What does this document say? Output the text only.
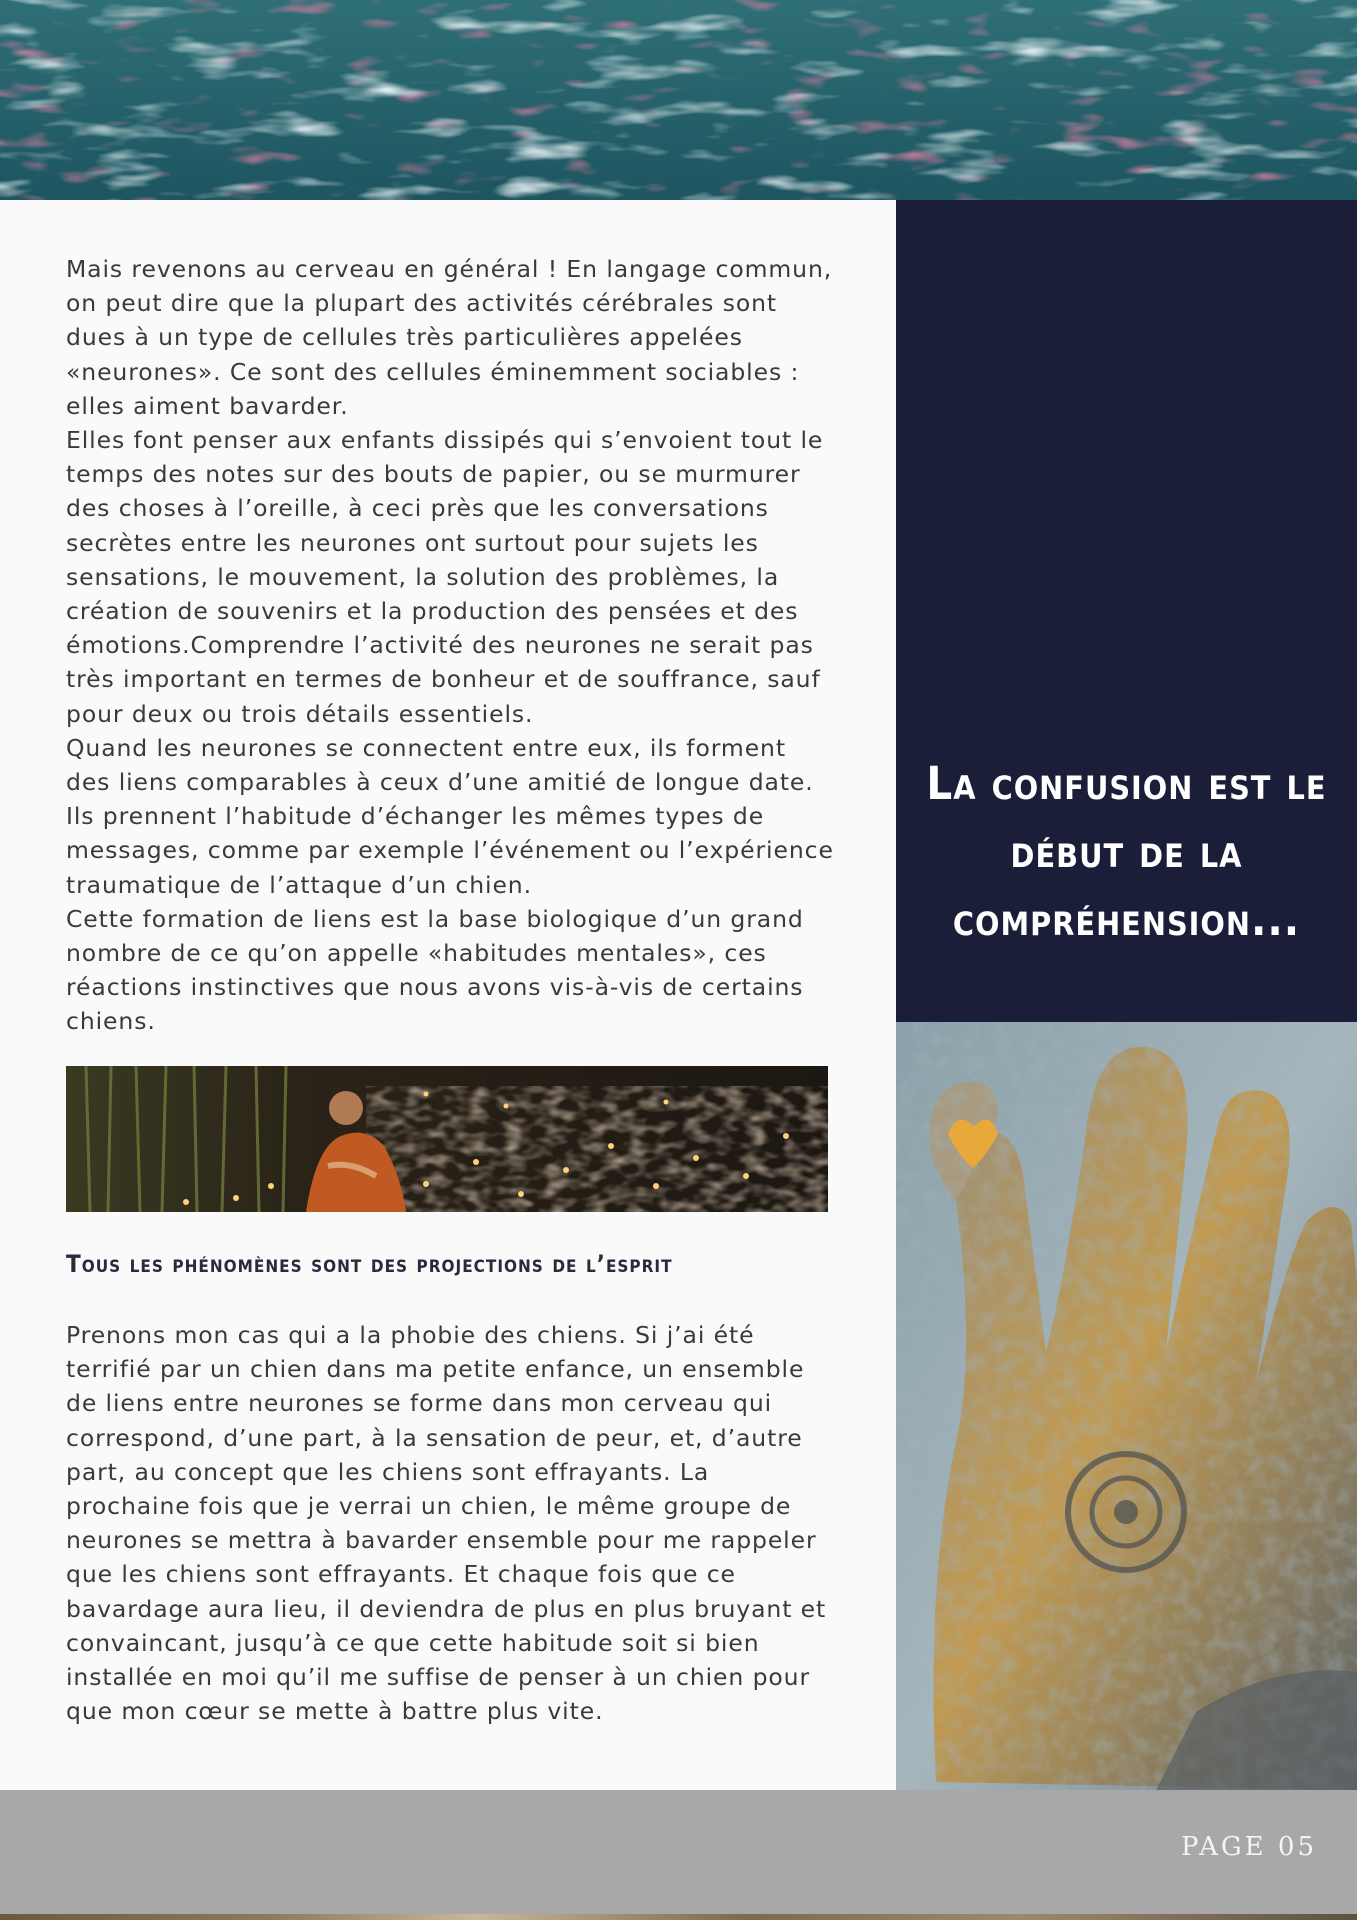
Mais revenons au cerveau en général ! En langage commun, on peut dire que la plupart des activités cérébrales sont dues à un type de cellules très particulières appelées «neurones». Ce sont des cellules éminemment sociables : elles aiment bavarder.
Elles font penser aux enfants dissipés qui s’envoient tout le temps des notes sur des bouts de papier, ou se murmurer des choses à l’oreille, à ceci près que les conversations secrètes entre les neurones ont surtout pour sujets les sensations, le mouvement, la solution des problèmes, la création de souvenirs et la production des pensées et des émotions.Comprendre l’activité des neurones ne serait pas très important en termes de bonheur et de souffrance, sauf pour deux ou trois détails essentiels.
Quand les neurones se connectent entre eux, ils forment des liens comparables à ceux d’une amitié de longue date.
Ils prennent l’habitude d’échanger les mêmes types de messages, comme par exemple l’événement ou l’expérience traumatique de l’attaque d’un chien.
Cette formation de liens est la base biologique d’un grand nombre de ce qu’on appelle «habitudes mentales», ces réactions instinctives que nous avons vis-à-vis de certains chiens.

Tous les phénomènes sont des projections de l’esprit

Prenons mon cas qui a la phobie des chiens. Si j’ai été terrifié par un chien dans ma petite enfance, un ensemble de liens entre neurones se forme dans mon cerveau qui correspond, d’une part, à la sensation de peur, et, d’autre part, au concept que les chiens sont effrayants. La prochaine fois que je verrai un chien, le même groupe de neurones se mettra à bavarder ensemble pour me rappeler que les chiens sont effrayants. Et chaque fois que ce bavardage aura lieu, il deviendra de plus en plus bruyant et convaincant, jusqu’à ce que cette habitude soit si bien installée en moi qu’il me suffise de penser à un chien pour que mon cœur se mette à battre plus vite.

La confusion est le début de la compréhension...

PAGE 05
